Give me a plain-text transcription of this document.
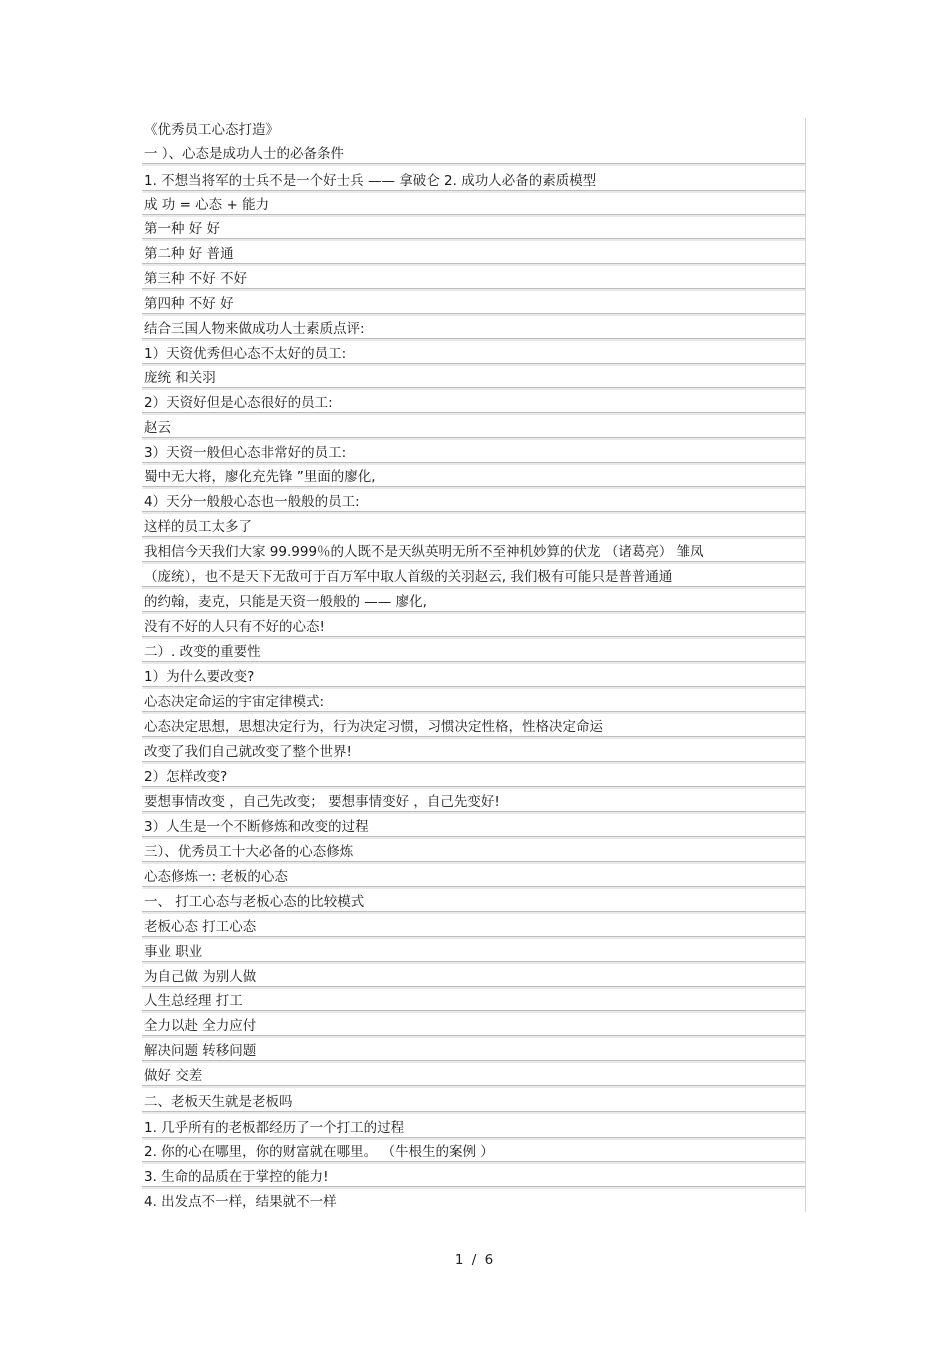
《优秀员工心态打造》
一 ）、心态是成功人士的必备条件
1. 不想当将军的士兵不是一个好士兵 —— 拿破仑 2. 成功人必备的素质模型
成 功 = 心态 + 能力
第一种 好 好
第二种 好 普通
第三种 不好 不好
第四种 不好 好
结合三国人物来做成功人士素质点评:
1）天资优秀但心态不太好的员工:
庞统 和关羽
2）天资好但是心态很好的员工:
赵云
3）天资一般但心态非常好的员工:
蜀中无大将，廖化充先锋 ”里面的廖化,
4）天分一般般心态也一般般的员工:
这样的员工太多了
我相信今天我们大家 99.999％的人既不是天纵英明无所不至神机妙算的伏龙 （诸葛亮） 雏凤
（庞统），也不是天下无敌可于百万军中取人首级的关羽赵云, 我们极有可能只是普普通通
的约翰，麦克，只能是天资一般般的 —— 廖化,
没有不好的人只有不好的心态!
二）. 改变的重要性
1）为什么要改变?
心态决定命运的宇宙定律模式:
心态决定思想，思想决定行为，行为决定习惯，习惯决定性格，性格决定命运
改变了我们自己就改变了整个世界!
2）怎样改变?
要想事情改变 ，自己先改变； 要想事情变好 ，自己先变好!
3）人生是一个不断修炼和改变的过程
三）、优秀员工十大必备的心态修炼
心态修炼一: 老板的心态
一、 打工心态与老板心态的比较模式
老板心态 打工心态
事业 职业
为自己做 为别人做
人生总经理 打工
全力以赴 全力应付
解决问题 转移问题
做好 交差
二、老板天生就是老板吗
1. 几乎所有的老板都经历了一个打工的过程
2. 你的心在哪里，你的财富就在哪里。 （牛根生的案例 ）
3. 生命的品质在于掌控的能力!
4. 出发点不一样，结果就不一样
1 / 6
